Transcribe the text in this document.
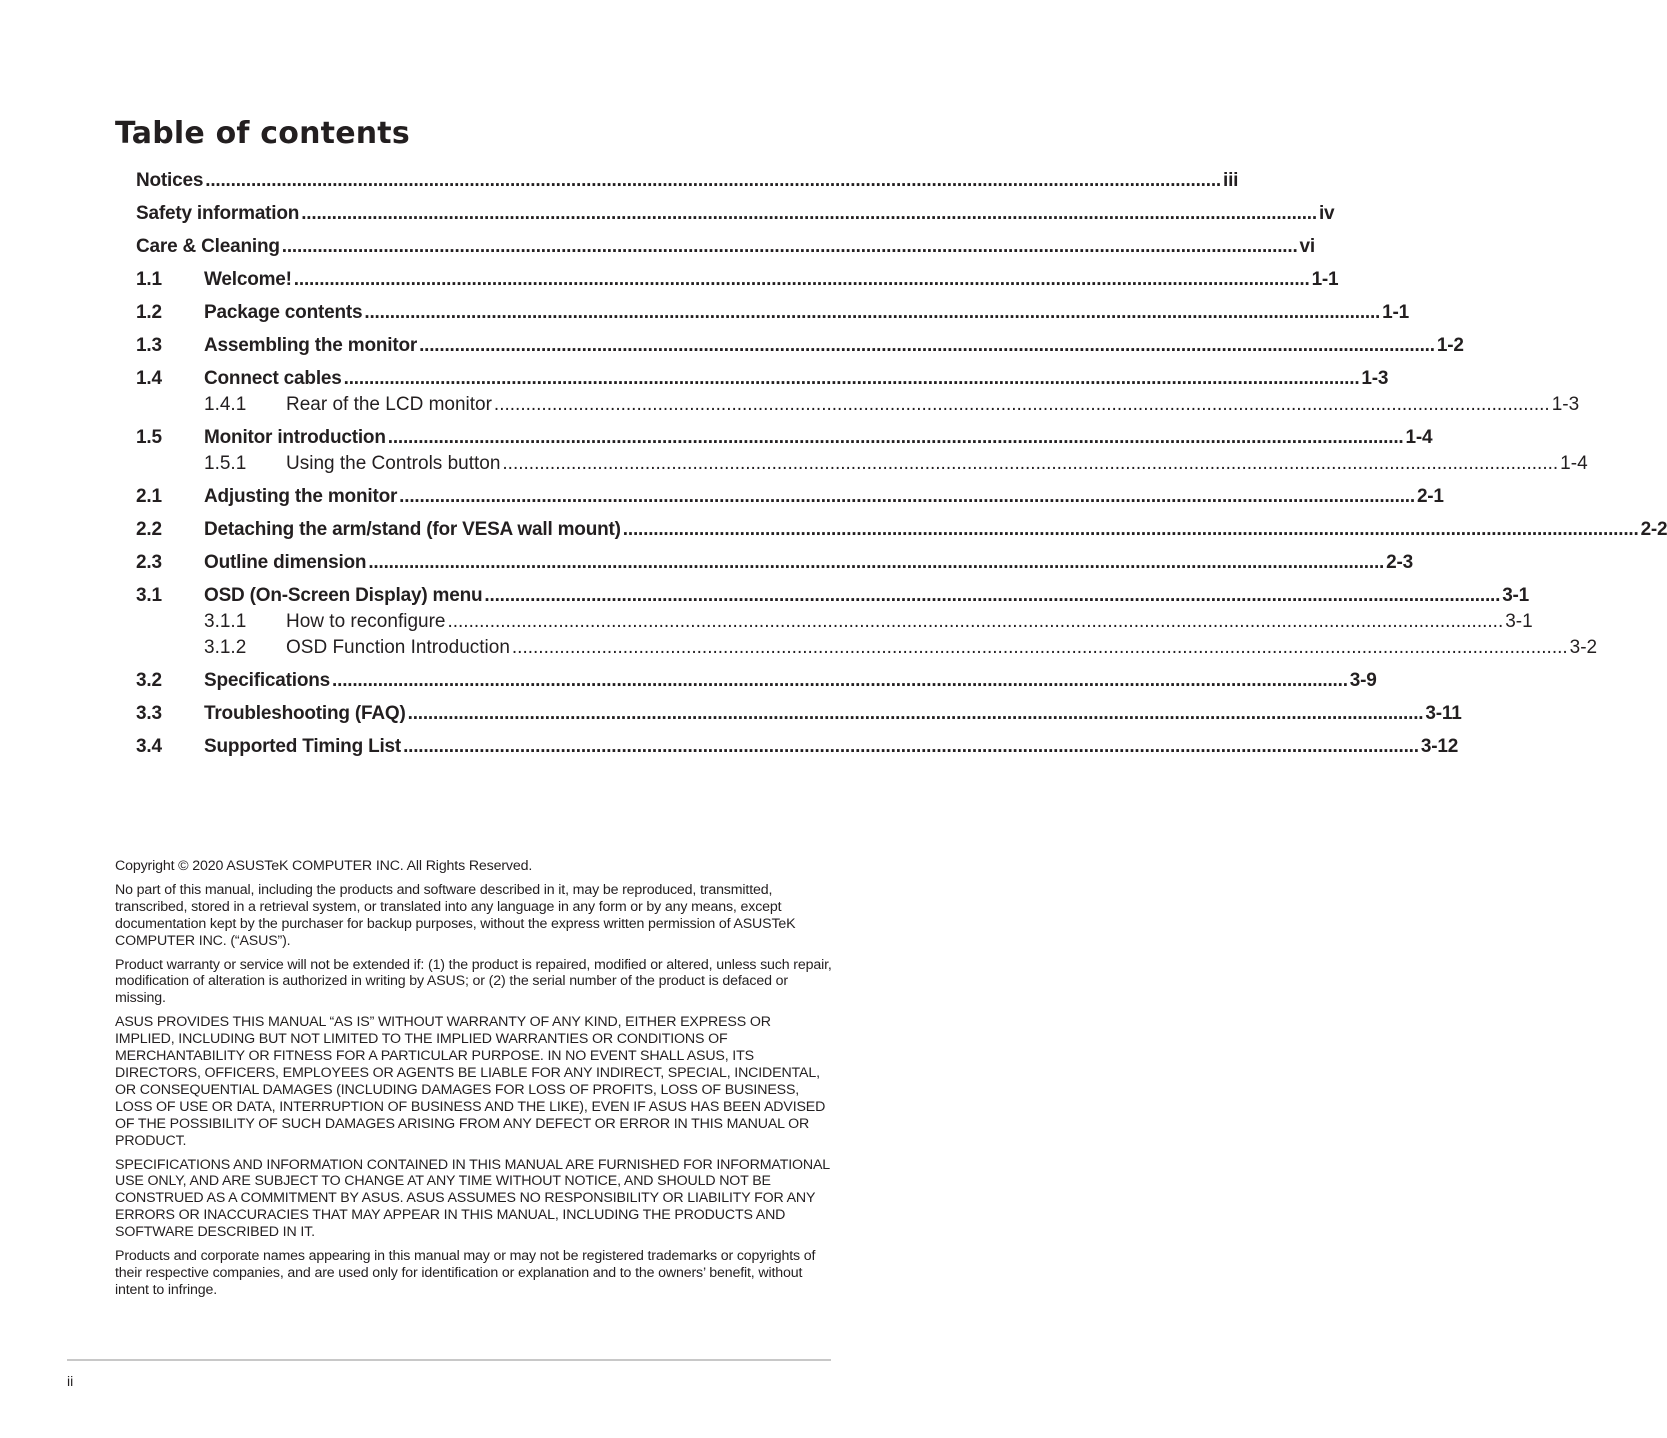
Table of contents
Notices ........................................................................................................................................................................................................ iii
Safety information ........................................................................................................................................................................................................ iv
Care & Cleaning ........................................................................................................................................................................................................ vi
1.1	Welcome! ........................................................................................................................................................................................................ 1-1
1.2	Package contents ........................................................................................................................................................................................................ 1-1
1.3	Assembling the monitor ........................................................................................................................................................................................................ 1-2
1.4	Connect cables ........................................................................................................................................................................................................ 1-3
1.4.1	Rear of the LCD monitor ........................................................................................................................................................................................................ 1-3
1.5	Monitor introduction ........................................................................................................................................................................................................ 1-4
1.5.1	Using the Controls button ........................................................................................................................................................................................................ 1-4
2.1	Adjusting the monitor ........................................................................................................................................................................................................ 2-1
2.2	Detaching the arm/stand (for VESA wall mount) ........................................................................................................................................................................................................ 2-2
2.3	Outline dimension ........................................................................................................................................................................................................ 2-3
3.1	OSD (On-Screen Display) menu ........................................................................................................................................................................................................ 3-1
3.1.1	How to reconfigure ........................................................................................................................................................................................................ 3-1
3.1.2	OSD Function Introduction ........................................................................................................................................................................................................ 3-2
3.2	Specifications ........................................................................................................................................................................................................ 3-9
3.3	Troubleshooting (FAQ) ........................................................................................................................................................................................................ 3-11
3.4	Supported Timing List ........................................................................................................................................................................................................ 3-12

Copyright © 2020 ASUSTeK COMPUTER INC. All Rights Reserved.

No part of this manual, including the products and software described in it, may be reproduced, transmitted, transcribed, stored in a retrieval system, or translated into any language in any form or by any means, except documentation kept by the purchaser for backup purposes, without the express written permission of ASUSTeK COMPUTER INC. (“ASUS”).

Product warranty or service will not be extended if: (1) the product is repaired, modified or altered, unless such repair, modification of alteration is authorized in writing by ASUS; or (2) the serial number of the product is defaced or missing.

ASUS PROVIDES THIS MANUAL “AS IS” WITHOUT WARRANTY OF ANY KIND, EITHER EXPRESS OR IMPLIED, INCLUDING BUT NOT LIMITED TO THE IMPLIED WARRANTIES OR CONDITIONS OF MERCHANTABILITY OR FITNESS FOR A PARTICULAR PURPOSE. IN NO EVENT SHALL ASUS, ITS DIRECTORS, OFFICERS, EMPLOYEES OR AGENTS BE LIABLE FOR ANY INDIRECT, SPECIAL, INCIDENTAL, OR CONSEQUENTIAL DAMAGES (INCLUDING DAMAGES FOR LOSS OF PROFITS, LOSS OF BUSINESS, LOSS OF USE OR DATA, INTERRUPTION OF BUSINESS AND THE LIKE), EVEN IF ASUS HAS BEEN ADVISED OF THE POSSIBILITY OF SUCH DAMAGES ARISING FROM ANY DEFECT OR ERROR IN THIS MANUAL OR PRODUCT.

SPECIFICATIONS AND INFORMATION CONTAINED IN THIS MANUAL ARE FURNISHED FOR INFORMATIONAL USE ONLY, AND ARE SUBJECT TO CHANGE AT ANY TIME WITHOUT NOTICE, AND SHOULD NOT BE CONSTRUED AS A COMMITMENT BY ASUS. ASUS ASSUMES NO RESPONSIBILITY OR LIABILITY FOR ANY ERRORS OR INACCURACIES THAT MAY APPEAR IN THIS MANUAL, INCLUDING THE PRODUCTS AND SOFTWARE DESCRIBED IN IT.

Products and corporate names appearing in this manual may or may not be registered trademarks or copyrights of their respective companies, and are used only for identification or explanation and to the owners’ benefit, without intent to infringe.

ii
